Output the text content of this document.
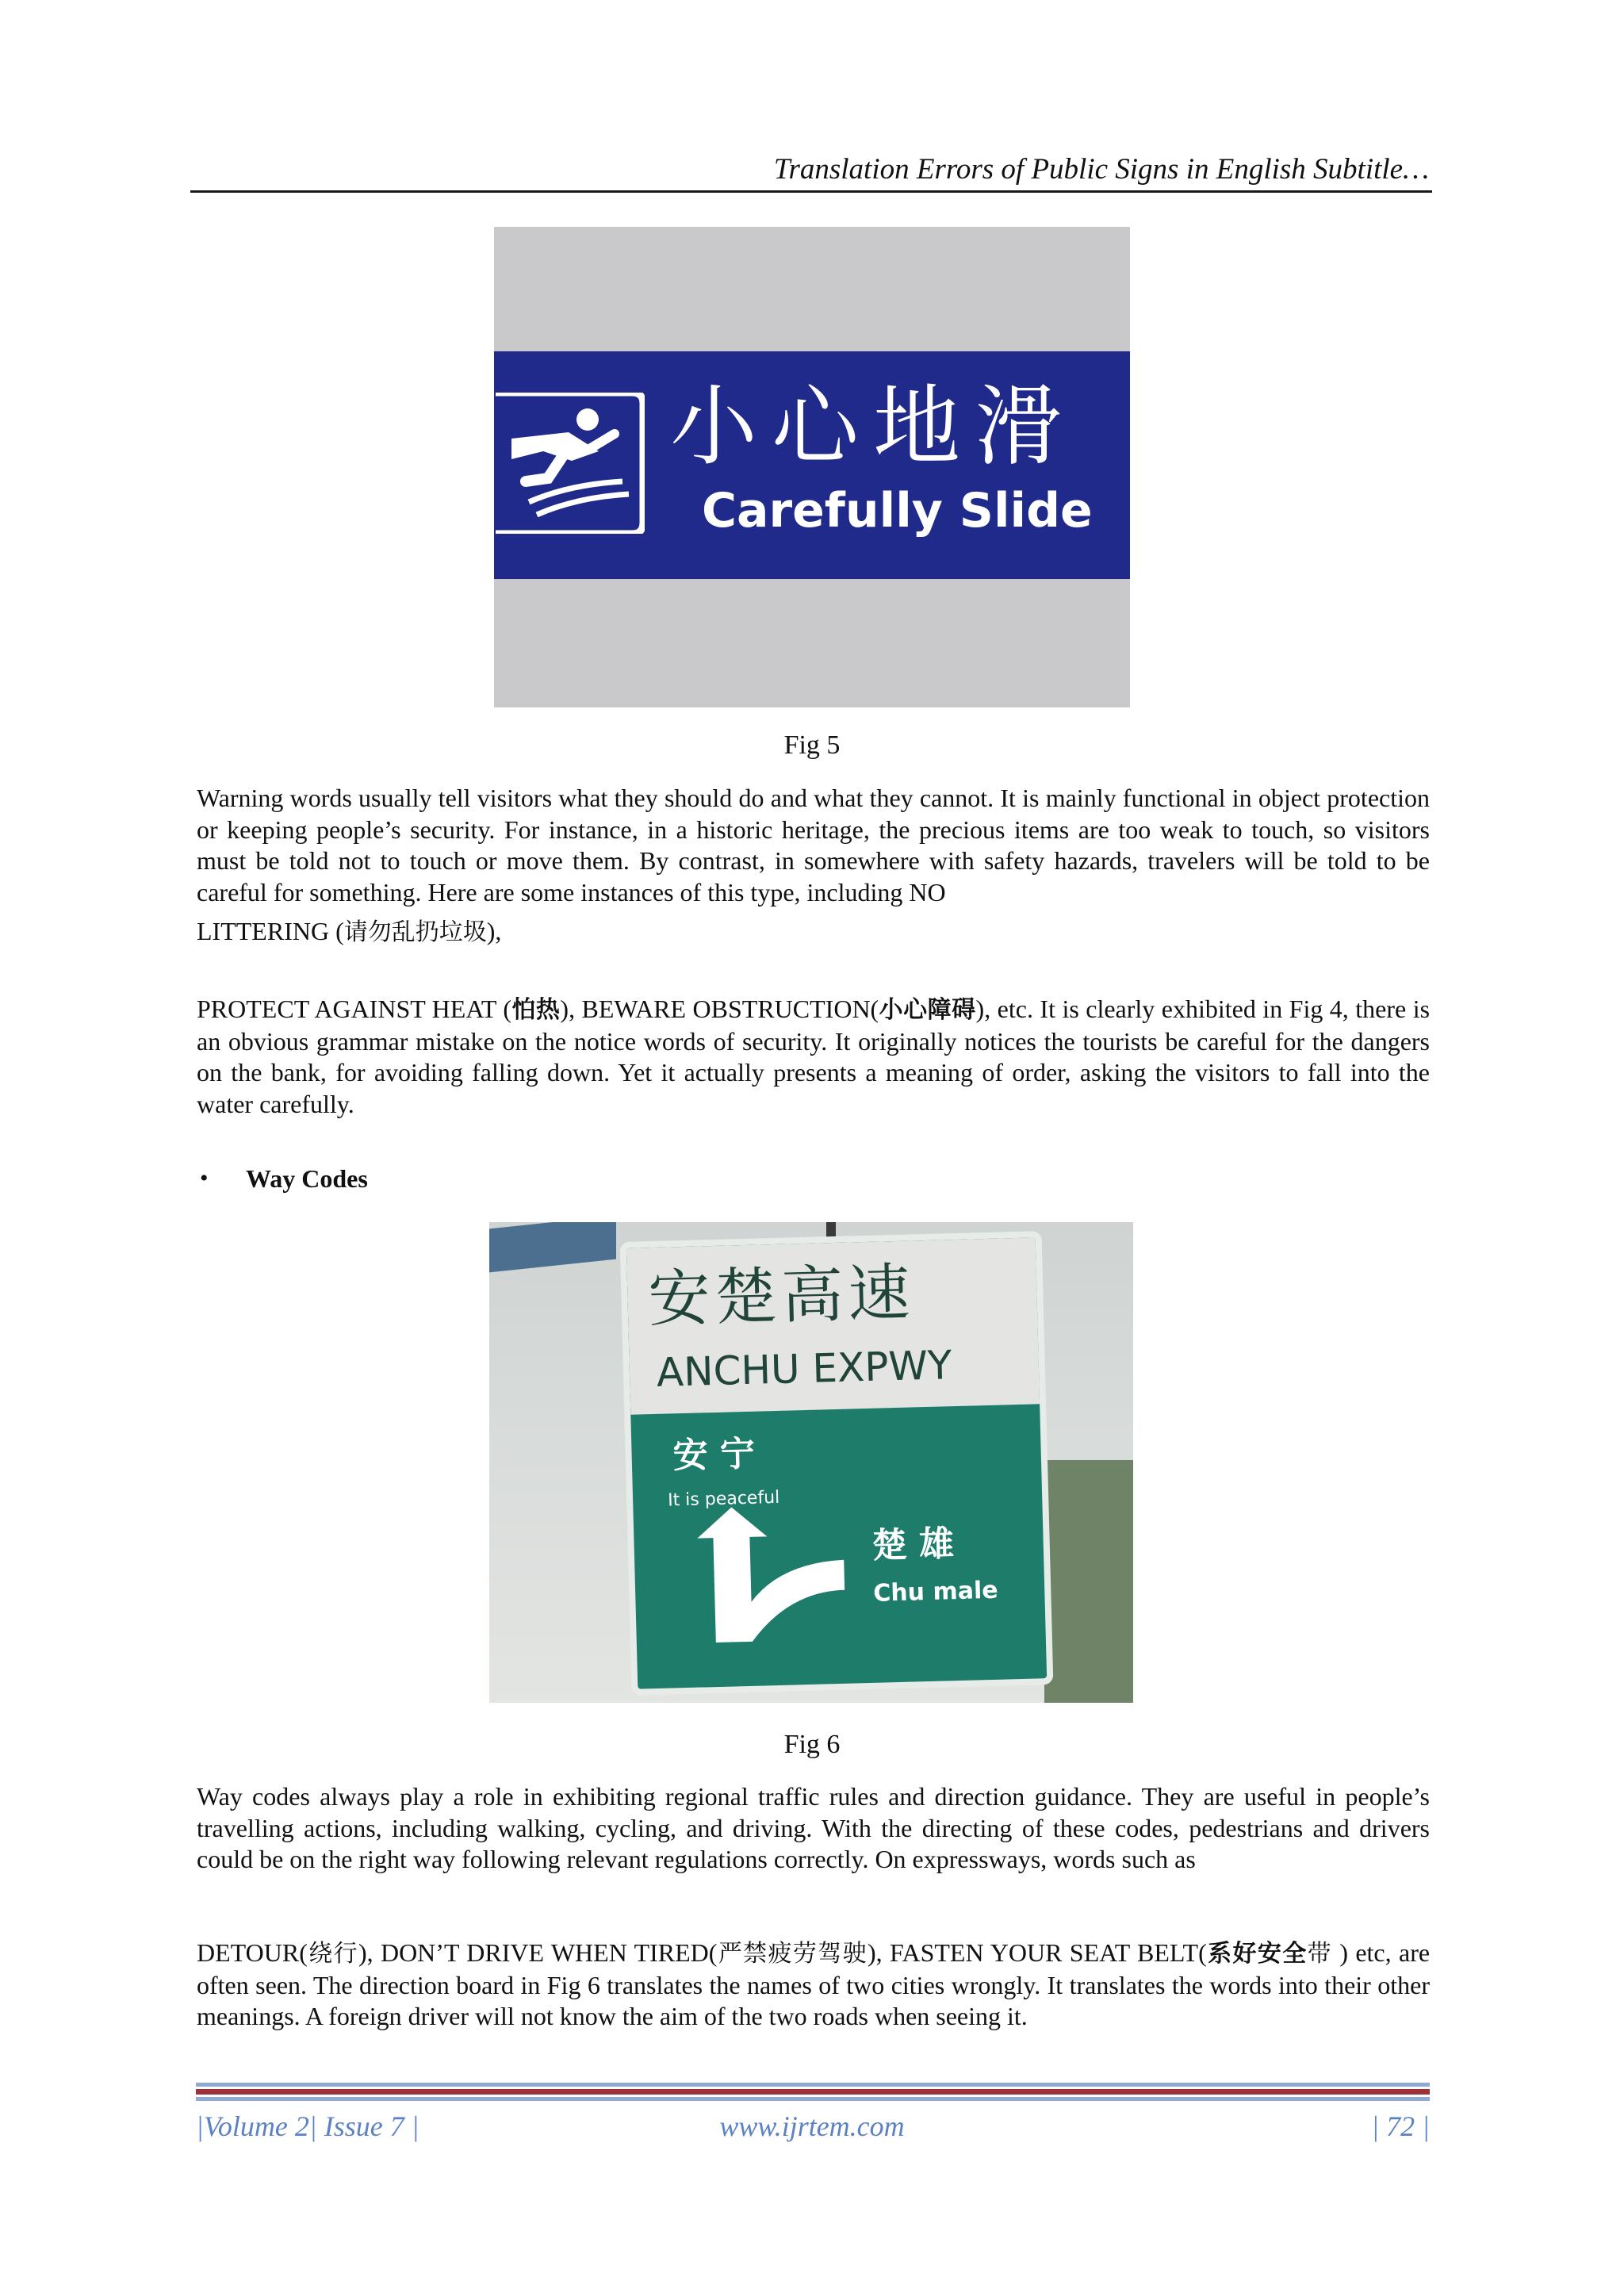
Translation Errors of Public Signs in English Subtitle…
小心地滑
Carefully Slide
Fig 5

Warning words usually tell visitors what they should do and what they cannot. It is mainly functional in object protection or keeping people’s security. For instance, in a historic heritage, the precious items are too weak to touch, so visitors must be told not to touch or move them. By contrast, in somewhere with safety hazards, travelers will be told to be careful for something. Here are some instances of this type, including NO

LITTERING (请勿乱扔垃圾),

PROTECT AGAINST HEAT (怕热), BEWARE OBSTRUCTION(小心障碍), etc. It is clearly exhibited in Fig 4, there is an obvious grammar mistake on the notice words of security. It originally notices the tourists be careful for the dangers on the bank, for avoiding falling down. Yet it actually presents a meaning of order, asking the visitors to fall into the water carefully.

• Way Codes
安楚高速
ANCHU EXPWY
安 宁
It is peaceful
楚 雄
Chu male
Fig 6

Way codes always play a role in exhibiting regional traffic rules and direction guidance. They are useful in people’s travelling actions, including walking, cycling, and driving. With the directing of these codes, pedestrians and drivers could be on the right way following relevant regulations correctly. On expressways, words such as

DETOUR(绕行), DON’T DRIVE WHEN TIRED(严禁疲劳驾驶), FASTEN YOUR SEAT BELT(系好安全带 ) etc, are often seen. The direction board in Fig 6 translates the names of two cities wrongly. It translates the words into their other meanings. A foreign driver will not know the aim of the two roads when seeing it.

|Volume 2| Issue 7 |	www.ijrtem.com	| 72 |
